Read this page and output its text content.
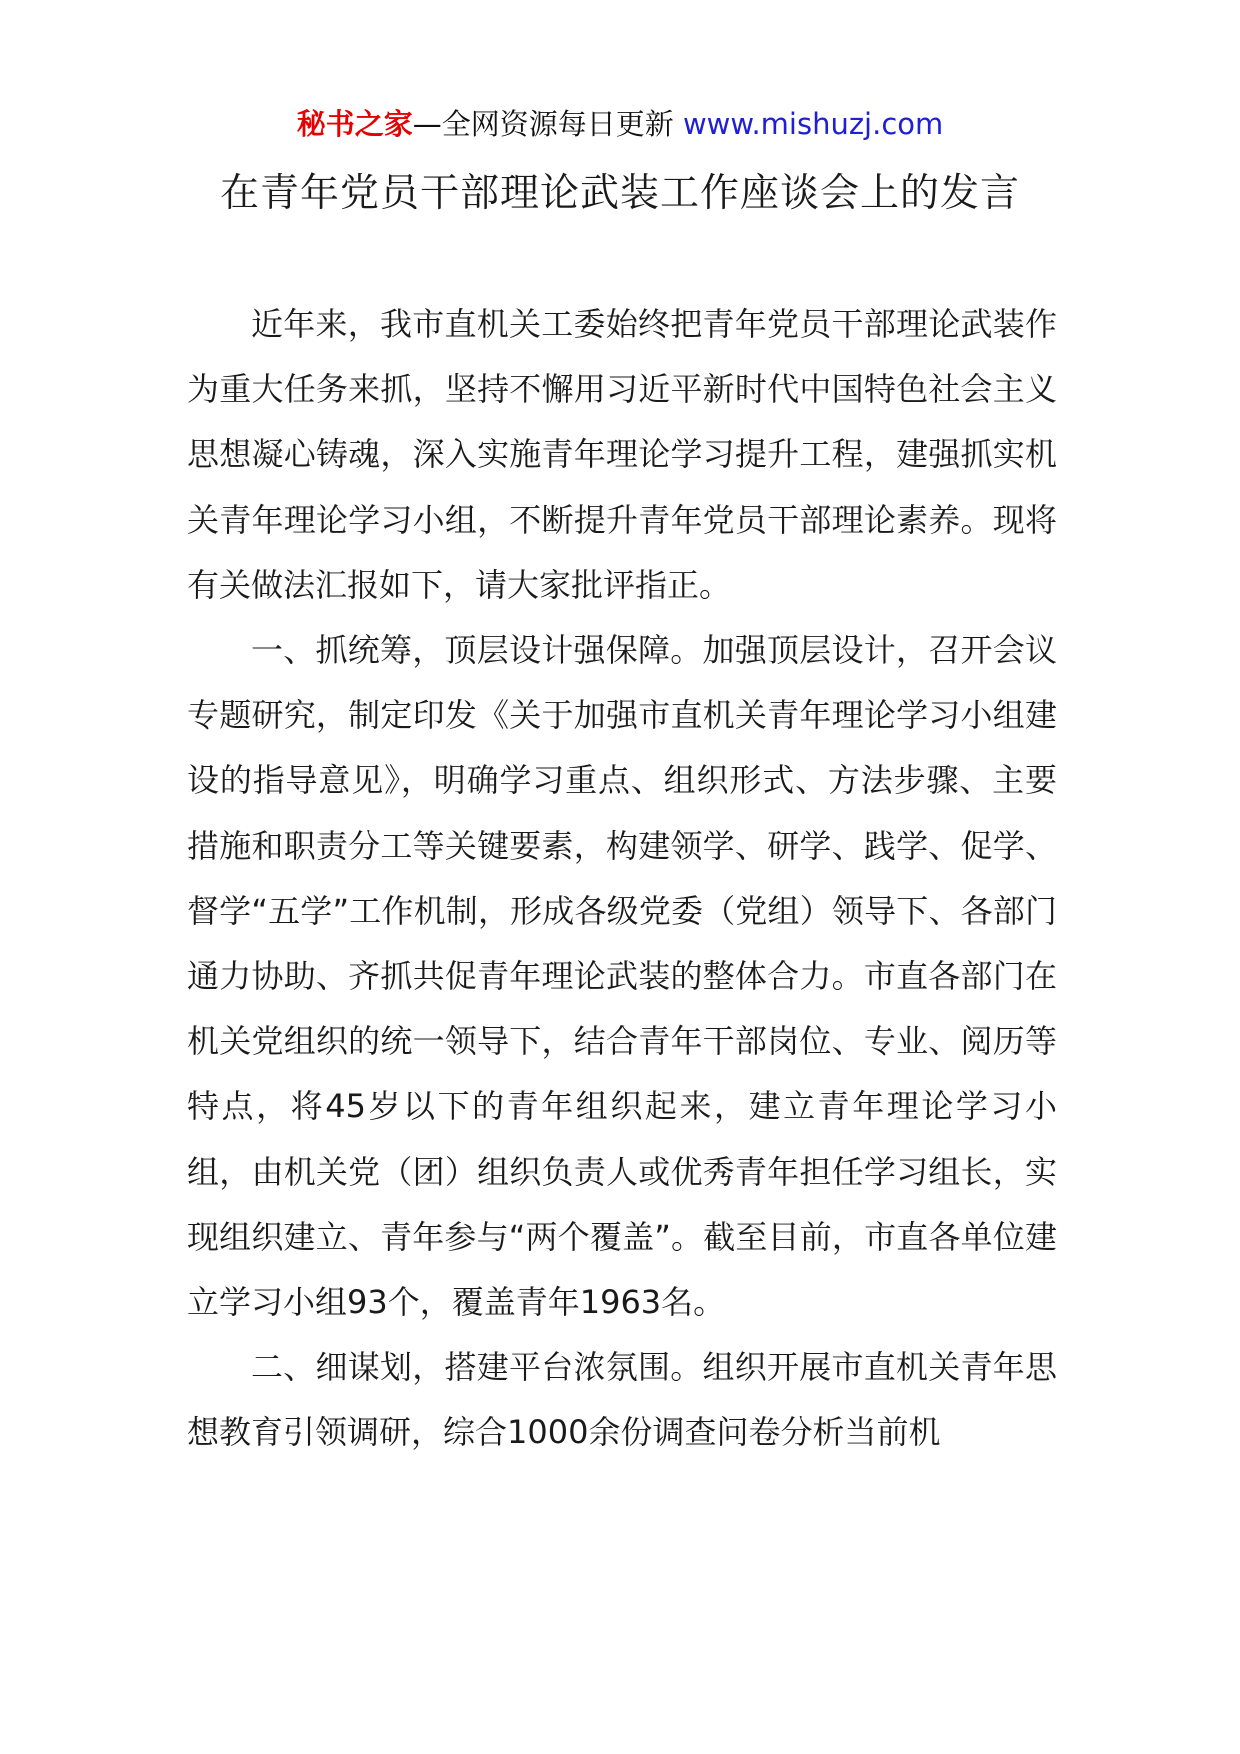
秘书之家—全网资源每日更新 www.mishuzj.com
在青年党员干部理论武装工作座谈会上的发言

近年来，我市直机关工委始终把青年党员干部理论武装作为重大任务来抓，坚持不懈用习近平新时代中国特色社会主义思想凝心铸魂，深入实施青年理论学习提升工程，建强抓实机关青年理论学习小组，不断提升青年党员干部理论素养。现将有关做法汇报如下，请大家批评指正。

一、抓统筹，顶层设计强保障。加强顶层设计，召开会议专题研究，制定印发《关于加强市直机关青年理论学习小组建设的指导意见》，明确学习重点、组织形式、方法步骤、主要措施和职责分工等关键要素，构建领学、研学、践学、促学、督学“五学”工作机制，形成各级党委（党组）领导下、各部门通力协助、齐抓共促青年理论武装的整体合力。市直各部门在机关党组织的统一领导下，结合青年干部岗位、专业、阅历等特点，将45岁以下的青年组织起来，建立青年理论学习小组，由机关党（团）组织负责人或优秀青年担任学习组长，实现组织建立、青年参与“两个覆盖”。截至目前，市直各单位建立学习小组93个，覆盖青年1963名。

二、细谋划，搭建平台浓氛围。组织开展市直机关青年思想教育引领调研，综合1000余份调查问卷分析当前机
